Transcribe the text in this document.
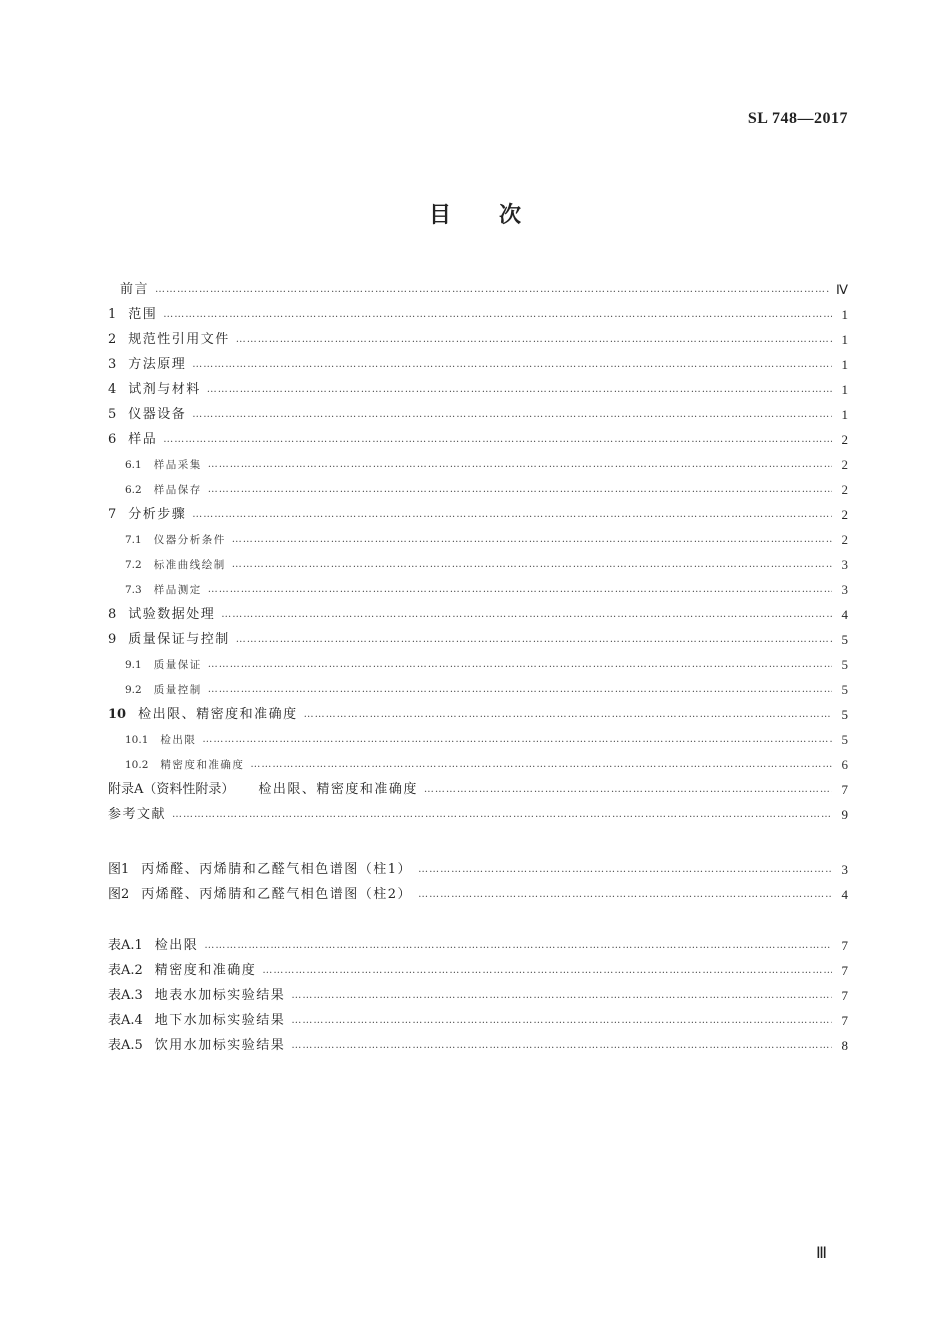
SL 748—2017
目次
前言 ………………………………………………………………………………………………………………………………………………………………………………………………………………………………………………………………………………………………	Ⅳ
1 范围 ………………………………………………………………………………………………………………………………………………………………………………………………………………………………………………………………………………………………	1
2 规范性引用文件 ………………………………………………………………………………………………………………………………………………………………………………………………………………………………………………………………………………………………	1
3 方法原理 ………………………………………………………………………………………………………………………………………………………………………………………………………………………………………………………………………………………………	1
4 试剂与材料 ………………………………………………………………………………………………………………………………………………………………………………………………………………………………………………………………………………………………	1
5 仪器设备 ………………………………………………………………………………………………………………………………………………………………………………………………………………………………………………………………………………………………	1
6 样品 ………………………………………………………………………………………………………………………………………………………………………………………………………………………………………………………………………………………………	2
6.1 样品采集 ………………………………………………………………………………………………………………………………………………………………………………………………………………………………………………………………………………………………	2
6.2 样品保存 ………………………………………………………………………………………………………………………………………………………………………………………………………………………………………………………………………………………………	2
7 分析步骤 ………………………………………………………………………………………………………………………………………………………………………………………………………………………………………………………………………………………………	2
7.1 仪器分析条件 ………………………………………………………………………………………………………………………………………………………………………………………………………………………………………………………………………………………………	2
7.2 标准曲线绘制 ………………………………………………………………………………………………………………………………………………………………………………………………………………………………………………………………………………………………	3
7.3 样品测定 ………………………………………………………………………………………………………………………………………………………………………………………………………………………………………………………………………………………………	3
8 试验数据处理 ………………………………………………………………………………………………………………………………………………………………………………………………………………………………………………………………………………………………	4
9 质量保证与控制 ………………………………………………………………………………………………………………………………………………………………………………………………………………………………………………………………………………………………	5
9.1 质量保证 ………………………………………………………………………………………………………………………………………………………………………………………………………………………………………………………………………………………………	5
9.2 质量控制 ………………………………………………………………………………………………………………………………………………………………………………………………………………………………………………………………………………………………	5
10 检出限、精密度和准确度 ………………………………………………………………………………………………………………………………………………………………………………………………………………………………………………………………………………………………	5
10.1 检出限 ………………………………………………………………………………………………………………………………………………………………………………………………………………………………………………………………………………………………	5
10.2 精密度和准确度 ………………………………………………………………………………………………………………………………………………………………………………………………………………………………………………………………………………………………	6
附录A（资料性附录） 检出限、精密度和准确度 ………………………………………………………………………………………………………………………………………………………………………………………………………………………………………………………………………………………………	7
参考文献 ………………………………………………………………………………………………………………………………………………………………………………………………………………………………………………………………………………………………	9
图1 丙烯醛、丙烯腈和乙醛气相色谱图（柱1） ………………………………………………………………………………………………………………………………………………………………………………………………………………………………………………………………………………………………	3
图2 丙烯醛、丙烯腈和乙醛气相色谱图（柱2） ………………………………………………………………………………………………………………………………………………………………………………………………………………………………………………………………………………………………	4
表A.1 检出限 ………………………………………………………………………………………………………………………………………………………………………………………………………………………………………………………………………………………………	7
表A.2 精密度和准确度 ………………………………………………………………………………………………………………………………………………………………………………………………………………………………………………………………………………………………	7
表A.3 地表水加标实验结果 ………………………………………………………………………………………………………………………………………………………………………………………………………………………………………………………………………………………………	7
表A.4 地下水加标实验结果 ………………………………………………………………………………………………………………………………………………………………………………………………………………………………………………………………………………………………	7
表A.5 饮用水加标实验结果 ………………………………………………………………………………………………………………………………………………………………………………………………………………………………………………………………………………………………	8
Ⅲ
